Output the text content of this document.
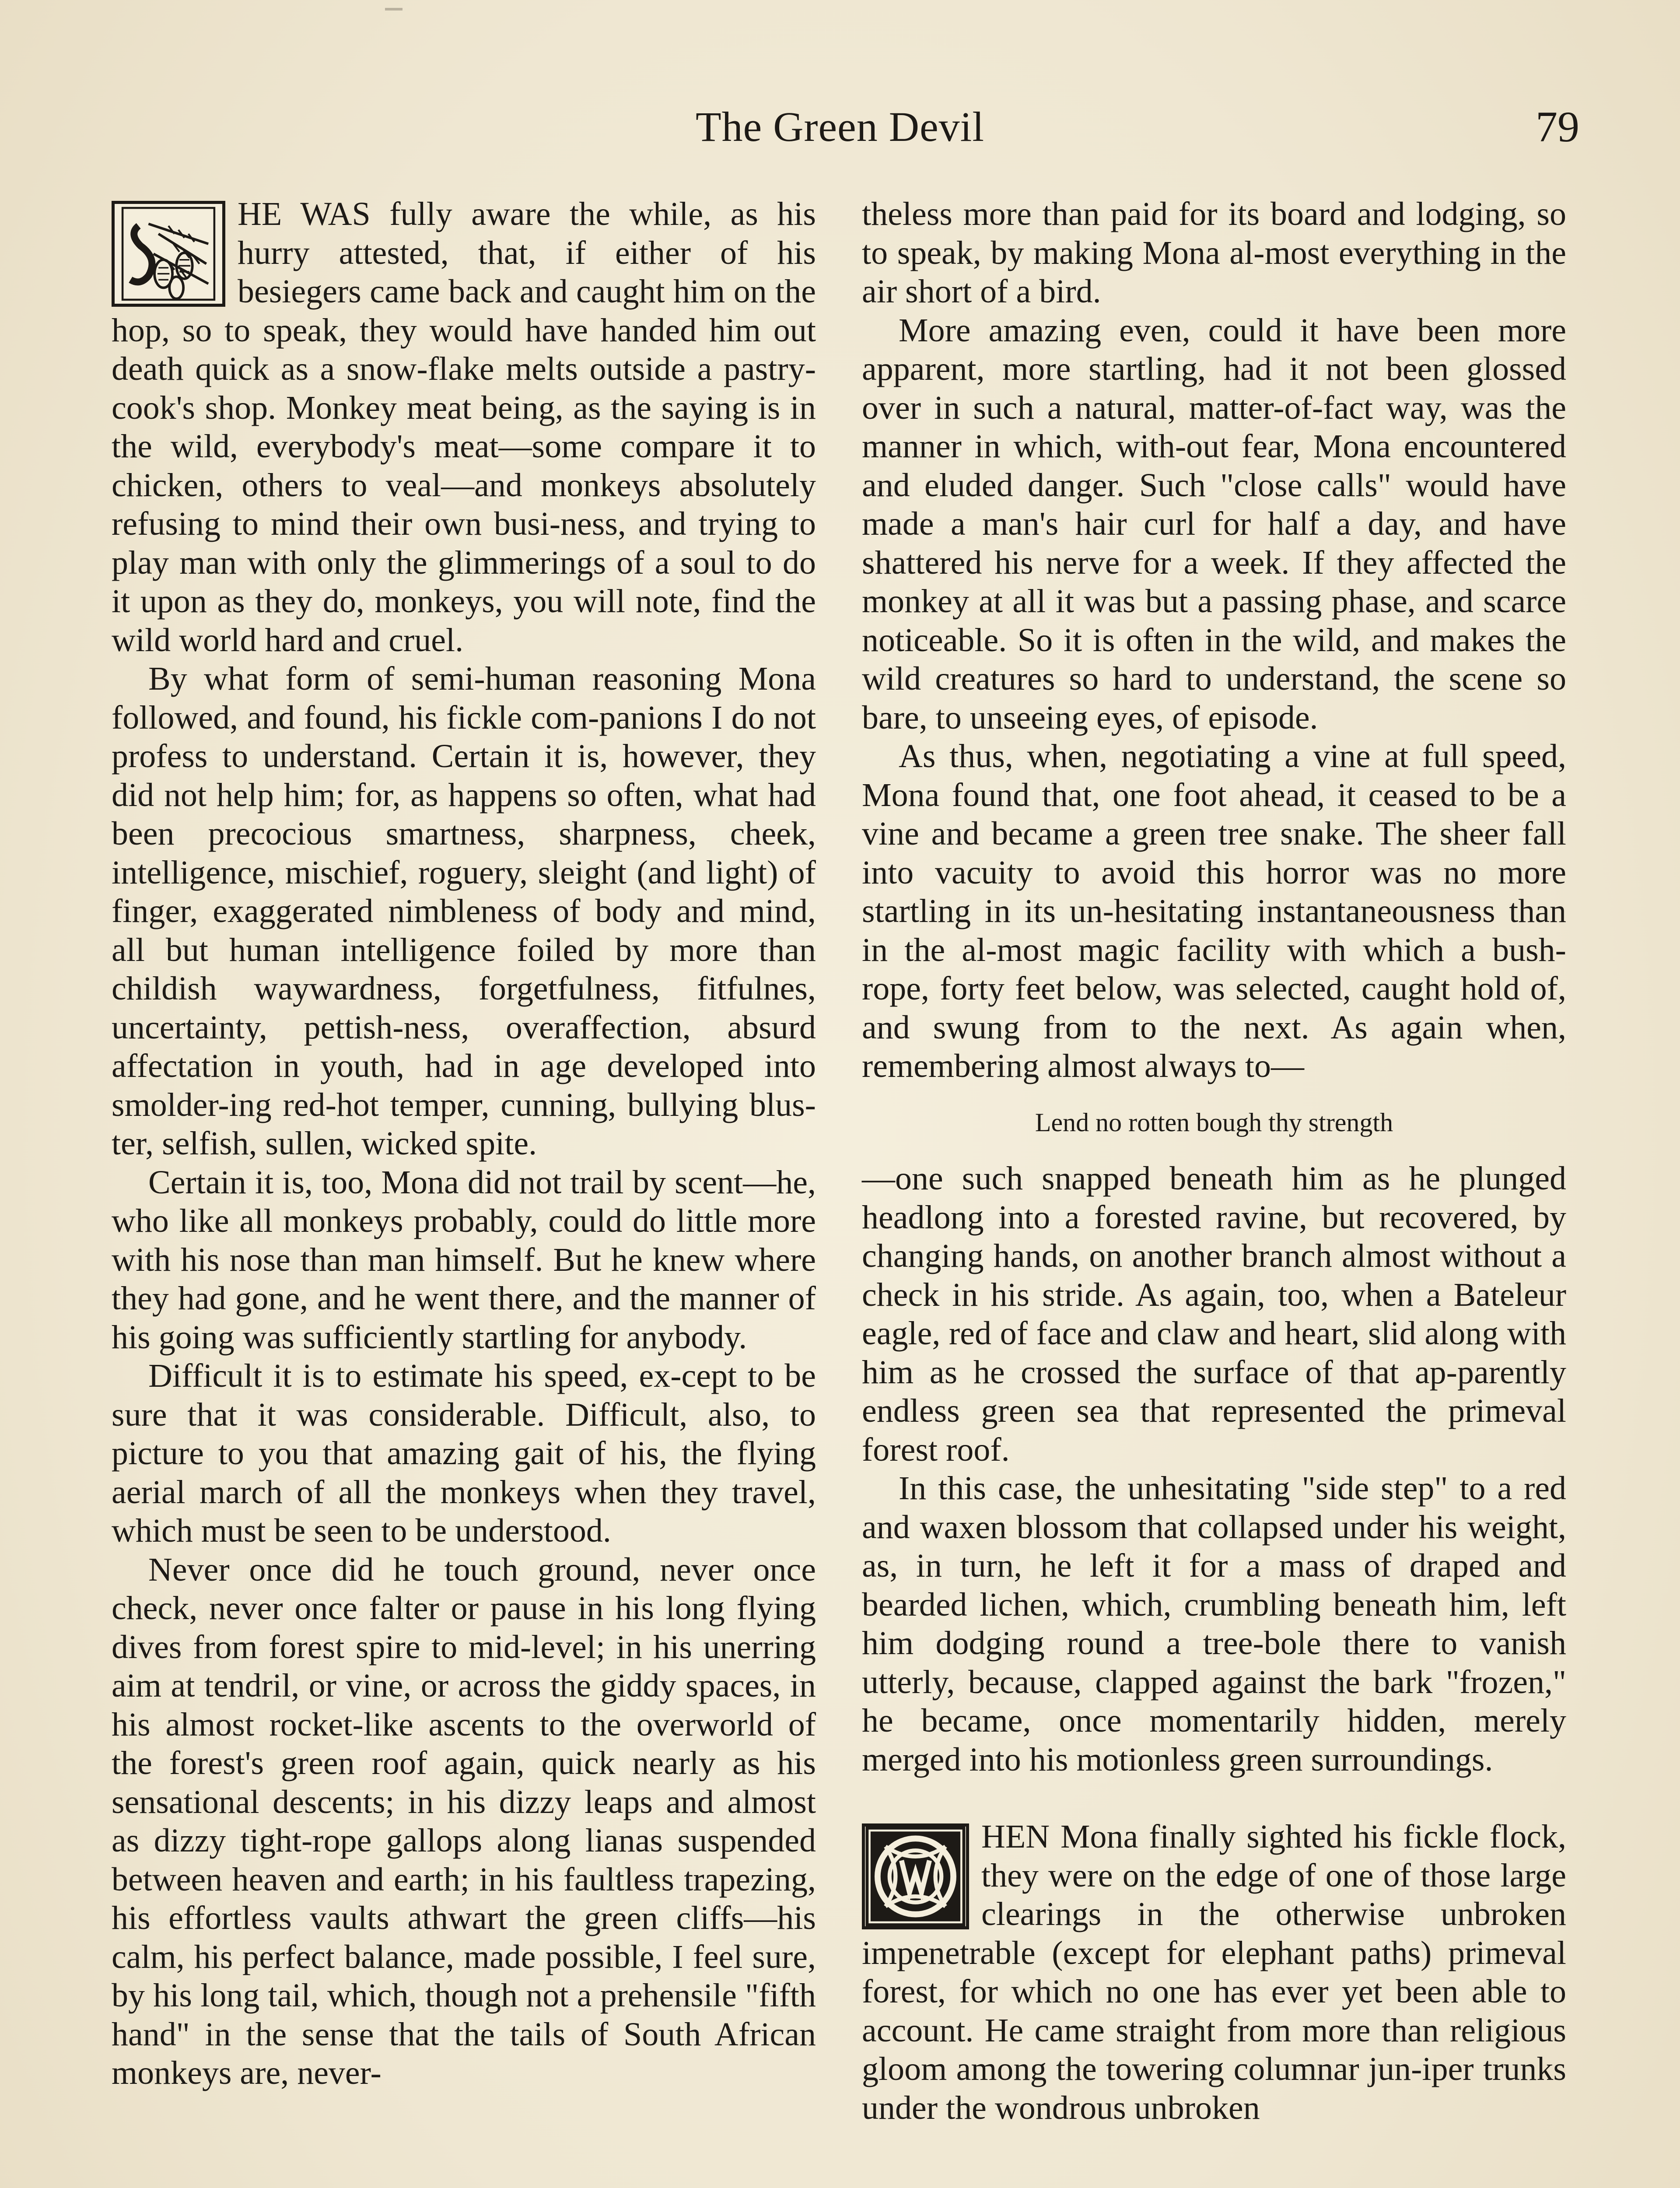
The Green Devil	79

HE WAS fully aware the while, as his hurry attested, that, if either of his besiegers came back and caught him on the hop, so to speak, they would have handed him out death quick as a snow-flake melts outside a pastry-cook's shop. Monkey meat being, as the saying is in the wild, everybody's meat—some compare it to chicken, others to veal—and monkeys absolutely refusing to mind their own busi-ness, and trying to play man with only the glimmerings of a soul to do it upon as they do, monkeys, you will note, find the wild world hard and cruel.

By what form of semi-human reasoning Mona followed, and found, his fickle com-panions I do not profess to understand. Certain it is, however, they did not help him; for, as happens so often, what had been precocious smartness, sharpness, cheek, intelligence, mischief, roguery, sleight (and light) of finger, exaggerated nimbleness of body and mind, all but human intelligence foiled by more than childish waywardness, forgetfulness, fitfulnes, uncertainty, pettish-ness, overaffection, absurd affectation in youth, had in age developed into smolder-ing red-hot temper, cunning, bullying blus-ter, selfish, sullen, wicked spite.

Certain it is, too, Mona did not trail by scent—he, who like all monkeys probably, could do little more with his nose than man himself. But he knew where they had gone, and he went there, and the manner of his going was sufficiently startling for anybody.

Difficult it is to estimate his speed, ex-cept to be sure that it was considerable. Difficult, also, to picture to you that amazing gait of his, the flying aerial march of all the monkeys when they travel, which must be seen to be understood.

Never once did he touch ground, never once check, never once falter or pause in his long flying dives from forest spire to mid-level; in his unerring aim at tendril, or vine, or across the giddy spaces, in his almost rocket-like ascents to the overworld of the forest's green roof again, quick nearly as his sensational descents; in his dizzy leaps and almost as dizzy tight-rope gallops along lianas suspended between heaven and earth; in his faultless trapezing, his effortless vaults athwart the green cliffs—his calm, his perfect balance, made possible, I feel sure, by his long tail, which, though not a prehensile "fifth hand" in the sense that the tails of South African monkeys are, never-

theless more than paid for its board and lodging, so to speak, by making Mona al-most everything in the air short of a bird.

More amazing even, could it have been more apparent, more startling, had it not been glossed over in such a natural, matter-of-fact way, was the manner in which, with-out fear, Mona encountered and eluded danger. Such "close calls" would have made a man's hair curl for half a day, and have shattered his nerve for a week. If they affected the monkey at all it was but a passing phase, and scarce noticeable. So it is often in the wild, and makes the wild creatures so hard to understand, the scene so bare, to unseeing eyes, of episode.

As thus, when, negotiating a vine at full speed, Mona found that, one foot ahead, it ceased to be a vine and became a green tree snake. The sheer fall into vacuity to avoid this horror was no more startling in its un-hesitating instantaneousness than in the al-most magic facility with which a bush-rope, forty feet below, was selected, caught hold of, and swung from to the next. As again when, remembering almost always to—

Lend no rotten bough thy strength

—one such snapped beneath him as he plunged headlong into a forested ravine, but recovered, by changing hands, on another branch almost without a check in his stride. As again, too, when a Bateleur eagle, red of face and claw and heart, slid along with him as he crossed the surface of that ap-parently endless green sea that represented the primeval forest roof.

In this case, the unhesitating "side step" to a red and waxen blossom that collapsed under his weight, as, in turn, he left it for a mass of draped and bearded lichen, which, crumbling beneath him, left him dodging round a tree-bole there to vanish utterly, because, clapped against the bark "frozen," he became, once momentarily hidden, merely merged into his motionless green surroundings.

HEN Mona finally sighted his fickle flock, they were on the edge of one of those large clearings in the otherwise unbroken impenetrable (except for elephant paths) primeval forest, for which no one has ever yet been able to account. He came straight from more than religious gloom among the towering columnar jun-iper trunks under the wondrous unbroken
